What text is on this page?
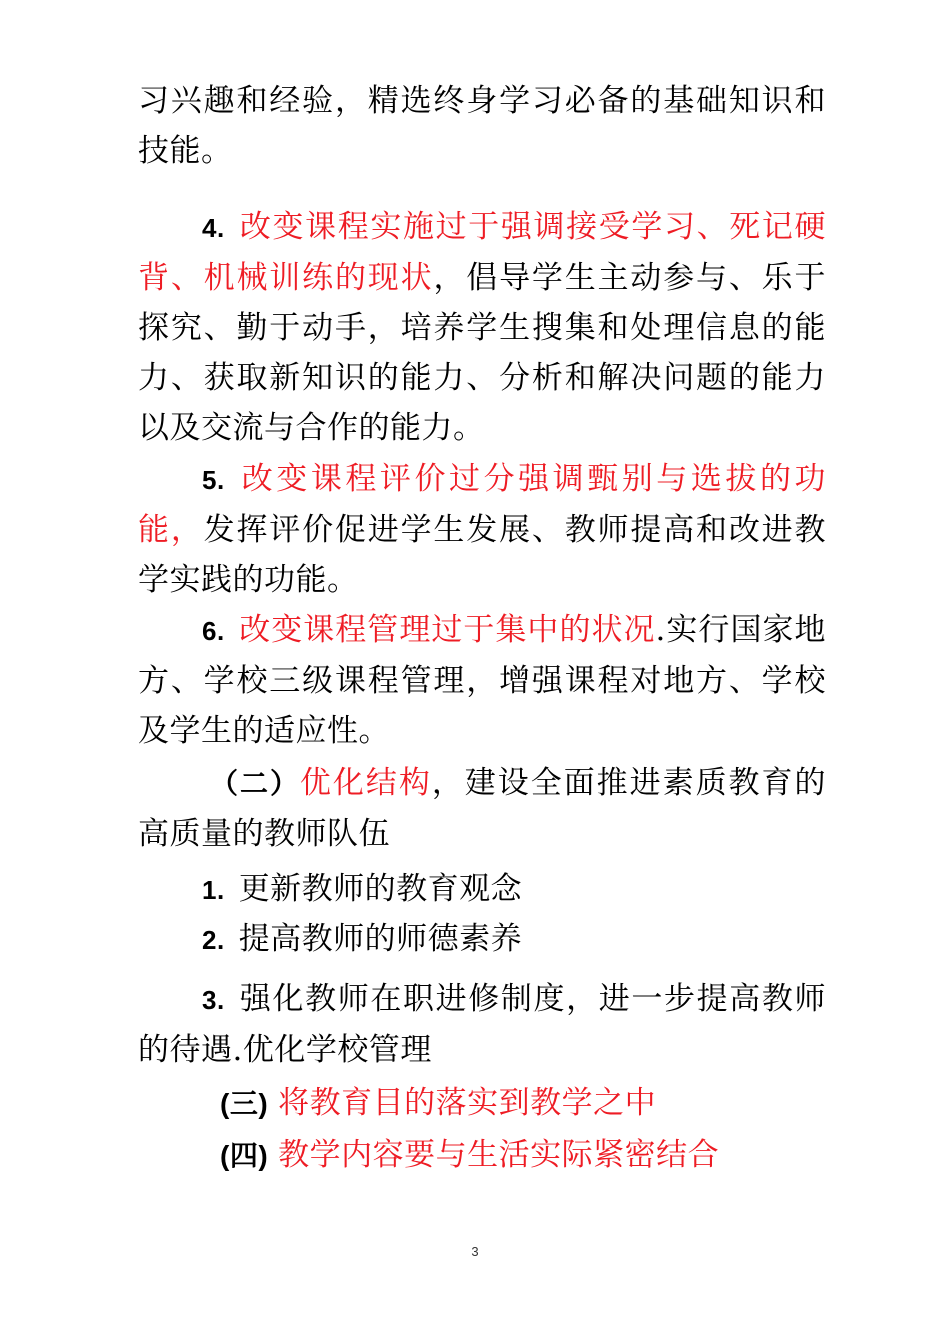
习兴趣和经验，精选终身学习必备的基础知识和技能。

4. 改变课程实施过于强调接受学习、死记硬背、机械训练的现状，倡导学生主动参与、乐于探究、勤于动手，培养学生搜集和处理信息的能力、获取新知识的能力、分析和解决问题的能力以及交流与合作的能力。

5. 改变课程评价过分强调甄别与选拔的功能，发挥评价促进学生发展、教师提高和改进教学实践的功能。

6. 改变课程管理过于集中的状况.实行国家地方、学校三级课程管理，增强课程对地方、学校及学生的适应性。

（二）优化结构，建设全面推进素质教育的高质量的教师队伍

1. 更新教师的教育观念
2. 提高教师的师德素养

3. 强化教师在职进修制度，进一步提高教师的待遇.优化学校管理

(三) 将教育目的落实到教学之中
(四) 教学内容要与生活实际紧密结合
3
